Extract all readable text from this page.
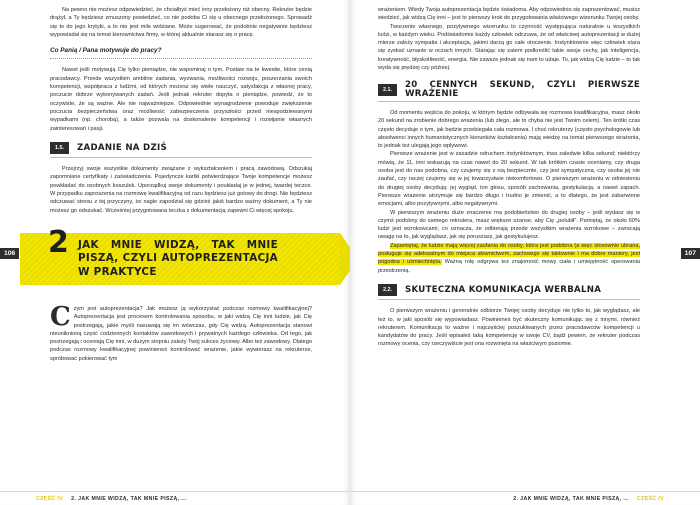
106

Na pewno nie możesz odpowiedzieć, że chciałbyś mieć inny przełożony niż obecny. Rekruter będzie drążył, a Ty będziesz zmuszony powiedzieć, co nie podoba Ci się u obecnego przełożonego. Sprowadź się to do jego krytyki, a to nie jest mile widziane. Może sugerować, że podobnie negatywnie będziesz wypowiadał się na temat kierownictwa firmy, w której aktualnie starasz się o pracę.

Co Panią / Pana motywuje do pracy?

Nawet jeśli motywują Cię tylko pieniądze, nie wspominaj o tym. Postaw na te kwestie, które cenią pracodawcy. Przede wszystkim ambitne zadania, wyzwania, możliwości rozwoju, poszerzania swoich kompetencji, współpraca z ludźmi, od których możesz się wiele nauczyć, satysfakcja z własnej pracy, poczucie dobrze wykonywanych zadań. Jeśli jednak rekruter dopyta o pieniądze, powiedz, że to oczywiste, że są ważne. Ale nie najważniejsze. Odpowiednie wynagrodzenie powoduje zwiększenie poczucia bezpieczeństwa oraz możliwość zabezpieczenia przyszłości przed niespodziewanymi wypadkami (np. chorobą), a także pozwala na doskonalenie kompetencji i rozwijanie własnych zainteresowań i pasji.

1.5.	ZADANIE NA DZIŚ

Przejrzyj swoje wszystkie dokumenty związane z wykształceniem i pracą zawodową. Odszukaj zapomniane certyfikaty i zaświadczenia. Pojedyncze kartki potwierdzające Twoje kompetencje możesz powkładać do osobnych koszulek. Uporządkuj swoje dokumenty i poukładaj je w jednej, twardej teczce. W przypadku zaproszenia na rozmowę kwalifikacyjną od razu będziesz już gotowy do drogi. Nie będziesz odczuwać stresu z tej przyczyny, że nagle zapodział się gdzieś jakiś bardzo ważny dokument, a Ty nie możesz go odszukać. Wcześniej przygotowana teczka z dokumentacją zapewni Ci więcej spokoju.

2 JAK MNIE WIDZĄ, TAK MNIE PISZĄ, CZYLI AUTOPREZENTACJA W PRAKTYCE

Czym jest autoprezentacja? Jak możesz ją wykorzystać podczas rozmowy kwalifikacyjnej? Autoprezentacja jest procesem kontrolowania sposobu, w jaki widzą Cię inni ludzie, jak Cię postrzegają, jakie myśli nasuwają się im wówczas, gdy Cię widzą. Autoprezentacja stanowi nieuniknioną część codziennych kontaktów zawodowych i prywatnych każdego człowieka. Od tego, jak postrzegają i oceniają Cię inni, w dużym stopniu zależy Twój sukces życiowy. Albo też zawodowy. Dlatego podczas rozmowy kwalifikacyjnej powinieneś kontrolować wrażenie, jakie wywierasz na rekruterze, spróbować pokierować tym

CZĘŚĆ IV 2. JAK MNIE WIDZĄ, TAK MNIE PISZĄ, ...
107

wrażeniem. Wtedy Twoja autoprezentacja będzie świadoma. Aby odpowiednio się zaprezentować, musisz wiedzieć, jak widzą Cię inni – jest to pierwszy krok do przygotowania właściwego wizerunku Twojej osoby.

Tworzenie własnego, pozytywnego wizerunku to czynność występująca naturalnie u wszystkich ludzi, w każdym wieku. Podświadomie każdy człowiek odczuwa, że od właściwej autoprezentacji w dużej mierze zależy sympatia i akceptacja, jakimi darzą go całe otoczenie. Instynktownie więc człowiek stara się zyskać uznanie w oczach innych. Starając się zatem podkreślić takie swoje cechy, jak inteligencja, kreatywność, błyskotliwość, energia. Nie zawsze jednak się nam to udaje. To, jak widzą Cię ludzie – to tak wyda się prędzej czy później.

2.1.	20 CENNYCH SEKUND, CZYLI PIERWSZE WRAŻENIE

Od momentu wejścia do pokoju, w którym będzie odbywała się rozmowa kwalifikacyjna, masz około 20 sekund na zrobienie dobrego wrażenia (lub złego, ale to chyba nie jest Twoim celem). Ten krótki czas często decyduje o tym, jak będzie przebiegała cała rozmowa. I choć rekruterzy (często psychologowie lub absolwenci innych humanistycznych kierunków kształcenia) mają wiedzę na temat pierwszego wrażenia, to jednak też ulegają jego wpływowi.

Pierwsze wrażenie jest w zasadzie odruchem instynktownym, trwa zaledwie kilka sekund; niektórzy mówią, że 11, inni wskazują na czas nawet do 20 sekund. W tak krótkim czasie oceniamy, czy druga osoba jest do nas podobna, czy czujemy się z nią bezpiecznie, czy jest sympatyczna, czy osoba jej nie zaufać, czy raczej czujemy się w jej towarzystwie niekomfortowo. O pierwszym wrażeniu w odniesieniu do drugiej osoby decydują: jej wygląd, ton głosu, sposób zachowania, gestykulacja, a nawet zapach. Pierwsze wrażenie utrzymuje się bardzo długo i trudno je zmienić, a to dlatego, że jest zabarwione emocjami, albo pozytywnymi, albo negatywnymi.

W pierwszym wrażeniu duże znaczenie ma podobieństwo do drugiej osoby – jeśli wydasz się w czymś podobny do samego rekrutera, masz większe szanse, aby Cię „polubił". Pamiętaj, że około 60% ludzi jest wzrokowcami, co oznacza, że odbierają przede wszystkim wrażenia wzrokowe – zwracają uwagę na to, jak wyglądasz, jak się poruszasz, jak gestykulujesz.

Zapamiętaj, że ludzie mają więcej zaufania do osoby, która jest podobna (a więc stosownie ubrana, posługuje się adekwatnym do miejsca słownictwem, zachowuje się taktownie i ma dobre maniery, jest pogodna i uśmiechnięta. Ważną rolę odgrywa też znajomość mowy ciała i umiejętność operowania przestrzenią.

2.2.	SKUTECZNA KOMUNIKACJA WERBALNA

O pierwszym wrażeniu i generalnie odbiorze Twojej osoby decyduje nie tylko to, jak wyglądasz, ale też to, w jaki sposób się wypowiadasz. Powinieneś być skuteczny komunikując się z innymi, również rekruterem. Komunikacja to ważne i najczęściej poszukiwanych przez pracodawców kompetencji u kandydatów do pracy. Jeśli wpisałeś taką kompetencję w swoje CV, bądź pewien, że rekruter podczas rozmowy ocenia, czy rzeczywiście jest ona rozwinięta na właściwym poziomie.

2. JAK MNIE WIDZĄ, TAK MNIE PISZĄ, ... CZĘŚĆ IV
